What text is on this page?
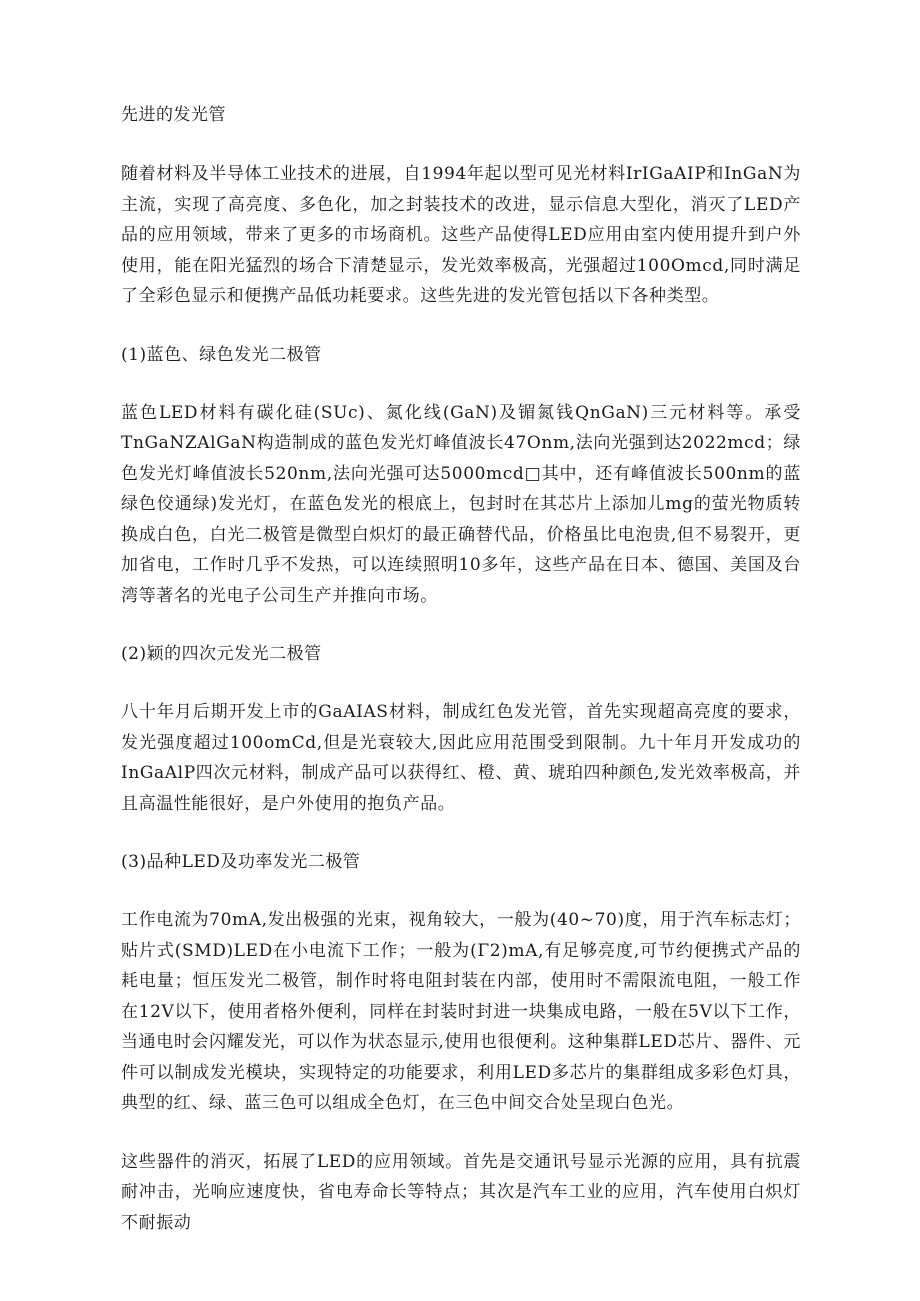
先进的发光管
随着材料及半导体工业技术的进展，自1994年起以型可见光材料IrIGaAIP和InGaN为主流，实现了高亮度、多色化，加之封装技术的改进，显示信息大型化，消灭了LED产品的应用领域，带来了更多的市场商机。这些产品使得LED应用由室内使用提升到户外使用，能在阳光猛烈的场合下清楚显示，发光效率极高，光强超过100Omcd,同时满足了全彩色显示和便携产品低功耗要求。这些先进的发光管包括以下各种类型。
(1)蓝色、绿色发光二极管
蓝色LED材料有碳化硅(SUc)、氮化线(GaN)及镅氮钱QnGaN)三元材料等。承受TnGaNZAlGaN构造制成的蓝色发光灯峰值波长47Onm,法向光强到达2022mcd；绿色发光灯峰值波长520nm,法向光强可达5000mcd□其中，还有峰值波长500nm的蓝绿色佼通绿)发光灯，在蓝色发光的根底上，包封时在其芯片上添加儿mg的萤光物质转换成白色，白光二极管是微型白炽灯的最正确替代品，价格虽比电泡贵,但不易裂开，更加省电，工作时几乎不发热，可以连续照明10多年，这些产品在日本、德国、美国及台湾等著名的光电子公司生产并推向市场。
(2)颖的四次元发光二极管
八十年月后期开发上市的GaAIAS材料，制成红色发光管，首先实现超高亮度的要求，发光强度超过100omCd,但是光衰较大,因此应用范围受到限制。九十年月开发成功的InGaAlP四次元材料，制成产品可以获得红、橙、黄、琥珀四种颜色,发光效率极高，并且高温性能很好，是户外使用的抱负产品。
(3)品种LED及功率发光二极管
工作电流为70mA,发出极强的光束，视角较大，一般为(40~70)度，用于汽车标志灯；贴片式(SMD)LED在小电流下工作；一般为(Γ2)mA,有足够亮度,可节约便携式产品的耗电量；恒压发光二极管，制作时将电阻封装在内部，使用时不需限流电阻，一般工作在12V以下，使用者格外便利，同样在封装时封进一块集成电路，一般在5V以下工作，当通电时会闪耀发光，可以作为状态显示,使用也很便利。这种集群LED芯片、器件、元件可以制成发光模块，实现特定的功能要求，利用LED多芯片的集群组成多彩色灯具，典型的红、绿、蓝三色可以组成全色灯，在三色中间交合处呈现白色光。
这些器件的消灭，拓展了LED的应用领域。首先是交通讯号显示光源的应用，具有抗震耐冲击，光响应速度快，省电寿命长等特点；其次是汽车工业的应用，汽车使用白炽灯不耐振动
